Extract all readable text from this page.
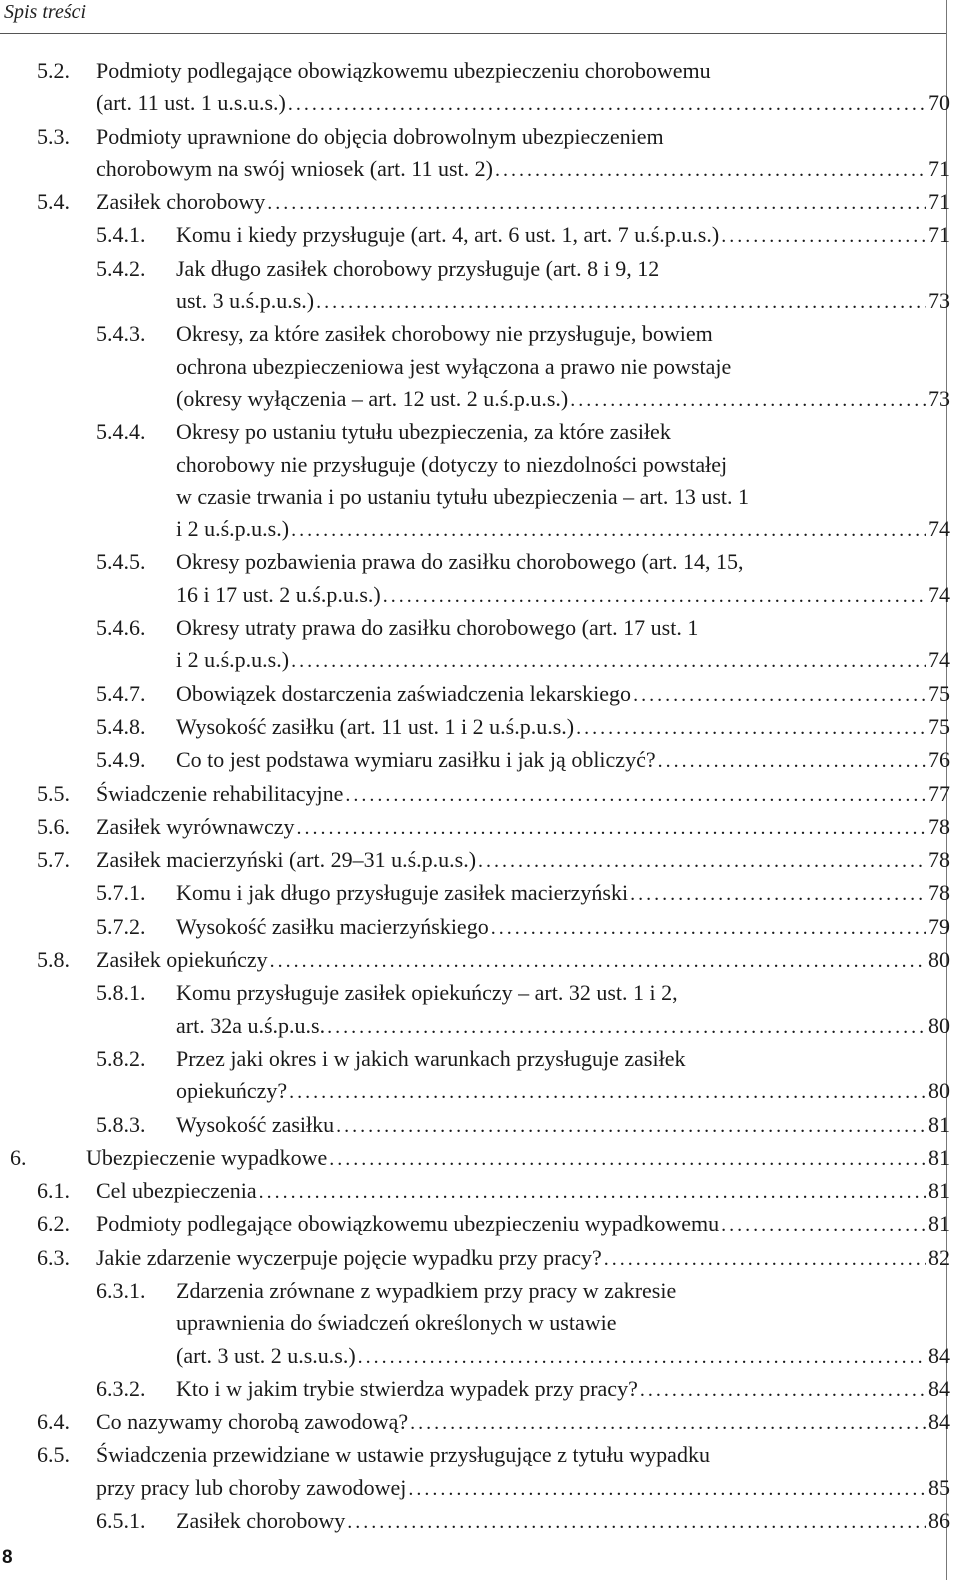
Spis treści
5.2.	Podmioty podlegające obowiązkowemu ubezpieczeniu chorobowemu
(art. 11 ust. 1 u.s.u.s.) . . .	70
5.3.	Podmioty uprawnione do objęcia dobrowolnym ubezpieczeniem
chorobowym na swój wniosek (art. 11 ust. 2) . . .	71
5.4.	Zasiłek chorobowy . . .	71
5.4.1.	Komu i kiedy przysługuje (art. 4, art. 6 ust. 1, art. 7 u.ś.p.u.s.) . . .	71
5.4.2.	Jak długo zasiłek chorobowy przysługuje (art. 8 i 9, 12
ust. 3 u.ś.p.u.s.) . . .	73
5.4.3.	Okresy, za które zasiłek chorobowy nie przysługuje, bowiem
ochrona ubezpieczeniowa jest wyłączona a prawo nie powstaje
(okresy wyłączenia – art. 12 ust. 2 u.ś.p.u.s.) . . .	73
5.4.4.	Okresy po ustaniu tytułu ubezpieczenia, za które zasiłek
chorobowy nie przysługuje (dotyczy to niezdolności powstałej
w czasie trwania i po ustaniu tytułu ubezpieczenia – art. 13 ust. 1
i 2 u.ś.p.u.s.) . . .	74
5.4.5.	Okresy pozbawienia prawa do zasiłku chorobowego (art. 14, 15,
16 i 17 ust. 2 u.ś.p.u.s.) . . .	74
5.4.6.	Okresy utraty prawa do zasiłku chorobowego (art. 17 ust. 1
i 2 u.ś.p.u.s.) . . .	74
5.4.7.	Obowiązek dostarczenia zaświadczenia lekarskiego . . .	75
5.4.8.	Wysokość zasiłku (art. 11 ust. 1 i 2 u.ś.p.u.s.) . . .	75
5.4.9.	Co to jest podstawa wymiaru zasiłku i jak ją obliczyć? . . .	76
5.5.	Świadczenie rehabilitacyjne . . .	77
5.6.	Zasiłek wyrównawczy . . .	78
5.7.	Zasiłek macierzyński (art. 29–31 u.ś.p.u.s.) . . .	78
5.7.1.	Komu i jak długo przysługuje zasiłek macierzyński . . .	78
5.7.2.	Wysokość zasiłku macierzyńskiego . . .	79
5.8.	Zasiłek opiekuńczy . . .	80
5.8.1.	Komu przysługuje zasiłek opiekuńczy – art. 32 ust. 1 i 2,
art. 32a u.ś.p.u.s. . . .	80
5.8.2.	Przez jaki okres i w jakich warunkach przysługuje zasiłek
opiekuńczy? . . .	80
5.8.3.	Wysokość zasiłku . . .	81
6.	Ubezpieczenie wypadkowe . . .	81
6.1.	Cel ubezpieczenia . . .	81
6.2.	Podmioty podlegające obowiązkowemu ubezpieczeniu wypadkowemu . . .	81
6.3.	Jakie zdarzenie wyczerpuje pojęcie wypadku przy pracy? . . .	82
6.3.1.	Zdarzenia zrównane z wypadkiem przy pracy w zakresie
uprawnienia do świadczeń określonych w ustawie
(art. 3 ust. 2 u.s.u.s.) . . .	84
6.3.2.	Kto i w jakim trybie stwierdza wypadek przy pracy? . . .	84
6.4.	Co nazywamy chorobą zawodową? . . .	84
6.5.	Świadczenia przewidziane w ustawie przysługujące z tytułu wypadku
przy pracy lub choroby zawodowej . . .	85
6.5.1.	Zasiłek chorobowy . . .	86
8
